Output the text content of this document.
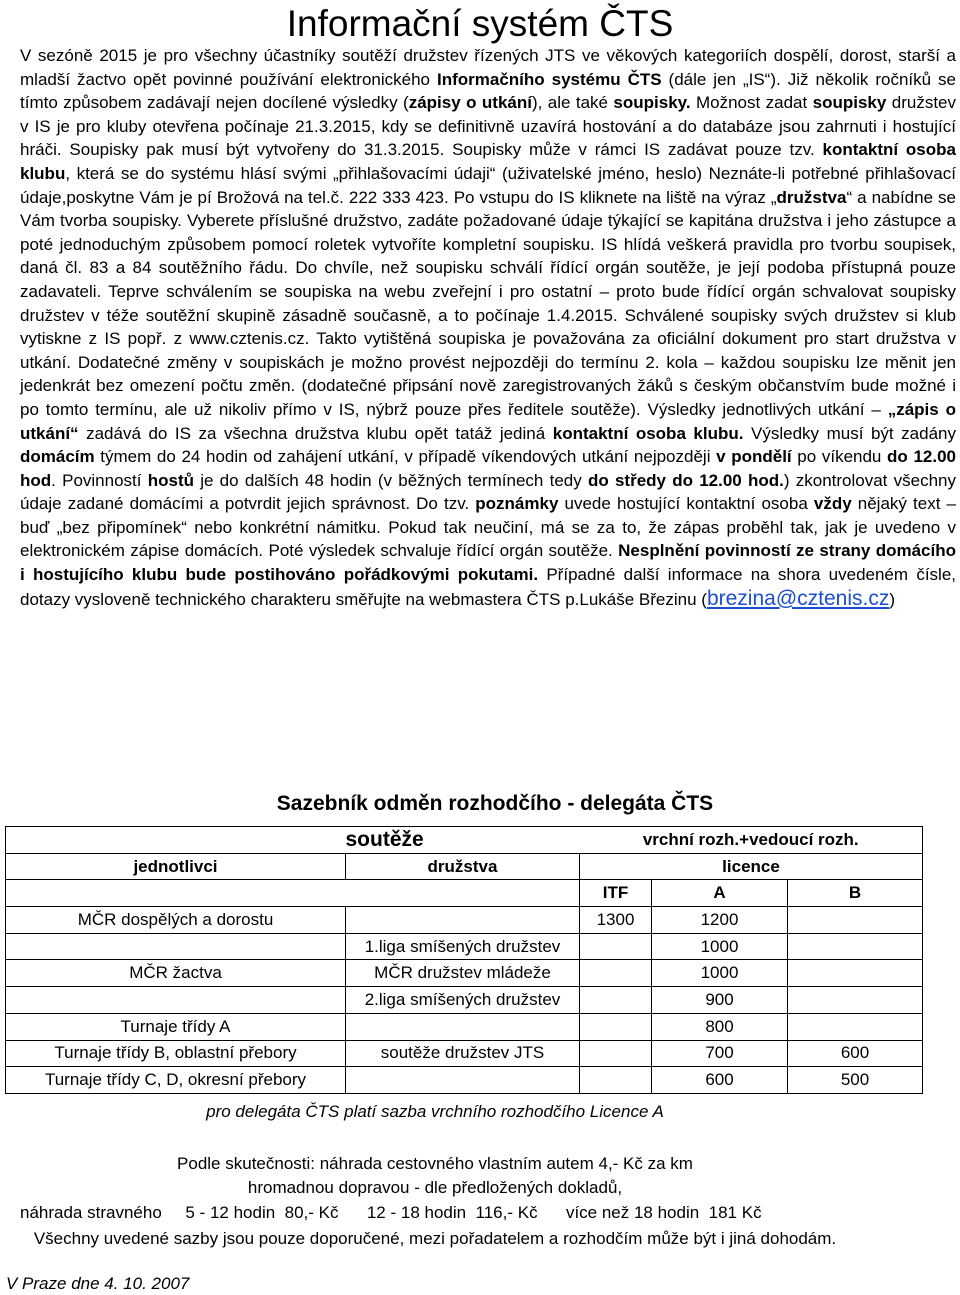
Informační systém ČTS

V sezóně 2015 je pro všechny účastníky soutěží družstev řízených JTS ve věkových kategoriích dospělí, dorost, starší a mladší žactvo opět povinné používání elektronického Informačního systému ČTS (dále jen „IS“). Již několik ročníků se tímto způsobem zadávají nejen docílené výsledky (zápisy o utkání), ale také soupisky. Možnost zadat soupisky družstev v IS je pro kluby otevřena počínaje 21.3.2015, kdy se definitivně uzavírá hostování a do databáze jsou zahrnuti i hostující hráči. Soupisky pak musí být vytvořeny do 31.3.2015. Soupisky může v rámci IS zadávat pouze tzv. kontaktní osoba klubu, která se do systému hlásí svými „přihlašovacími údaji“ (uživatelské jméno, heslo) Neznáte-li potřebné přihlašovací údaje,poskytne Vám je pí Brožová na tel.č. 222 333 423. Po vstupu do IS kliknete na liště na výraz „družstva“ a nabídne se Vám tvorba soupisky. Vyberete příslušné družstvo, zadáte požadované údaje týkající se kapitána družstva i jeho zástupce a poté jednoduchým způsobem pomocí roletek vytvoříte kompletní soupisku. IS hlídá veškerá pravidla pro tvorbu soupisek, daná čl. 83 a 84 soutěžního řádu. Do chvíle, než soupisku schválí řídící orgán soutěže, je její podoba přístupná pouze zadavateli. Teprve schválením se soupiska na webu zveřejní i pro ostatní – proto bude řídící orgán schvalovat soupisky družstev v téže soutěžní skupině zásadně současně, a to počínaje 1.4.2015. Schválené soupisky svých družstev si klub vytiskne z IS popř. z www.cztenis.cz. Takto vytištěná soupiska je považována za oficiální dokument pro start družstva v utkání. Dodatečné změny v soupiskách je možno provést nejpozději do termínu 2. kola – každou soupisku lze měnit jen jedenkrát bez omezení počtu změn. (dodatečné připsání nově zaregistrovaných žáků s českým občanstvím bude možné i po tomto termínu, ale už nikoliv přímo v IS, nýbrž pouze přes ředitele soutěže). Výsledky jednotlivých utkání – „zápis o utkání“ zadává do IS za všechna družstva klubu opět tatáž jediná kontaktní osoba klubu. Výsledky musí být zadány domácím týmem do 24 hodin od zahájení utkání, v případě víkendových utkání nejpozději v pondělí po víkendu do 12.00 hod. Povinností hostů je do dalších 48 hodin (v běžných termínech tedy do středy do 12.00 hod.) zkontrolovat všechny údaje zadané domácími a potvrdit jejich správnost. Do tzv. poznámky uvede hostující kontaktní osoba vždy nějaký text – buď „bez připomínek“ nebo konkrétní námitku. Pokud tak neučiní, má se za to, že zápas proběhl tak, jak je uvedeno v elektronickém zápise domácích. Poté výsledek schvaluje řídící orgán soutěže. Nesplnění povinností ze strany domácího i hostujícího klubu bude postihováno pořádkovými pokutami. Případné další informace na shora uvedeném čísle, dotazy vysloveně technického charakteru směřujte na webmastera ČTS p.Lukáše Březinu (brezina@cztenis.cz)

Sazebník odměn rozhodčího - delegáta ČTS
	soutěže	vrchní rozh.+vedoucí rozh.		
jednotlivci	družstva	licence		
		ITF	A	B
MČR dospělých a dorostu		1300	1200	
	1.liga smíšených družstev		1000	
MČR žactva	MČR družstev mládeže		1000	
	2.liga smíšených družstev		900	
Turnaje třídy A			800	
Turnaje třídy B, oblastní přebory	soutěže družstev JTS		700	600
Turnaje třídy C, D, okresní přebory			600	500
pro delegáta ČTS platí sazba vrchního rozhodčího Licence A
Podle skutečnosti: náhrada cestovného vlastním autem 4,- Kč za km
hromadnou dopravou - dle předložených dokladů,
náhrada stravného 5 - 12 hodin  80,- Kč 12 - 18 hodin  116,- Kč více než 18 hodin  181 Kč
Všechny uvedené sazby jsou pouze doporučené, mezi pořadatelem a rozhodčím může být i jiná dohodám.
V Praze dne 4. 10. 2007
